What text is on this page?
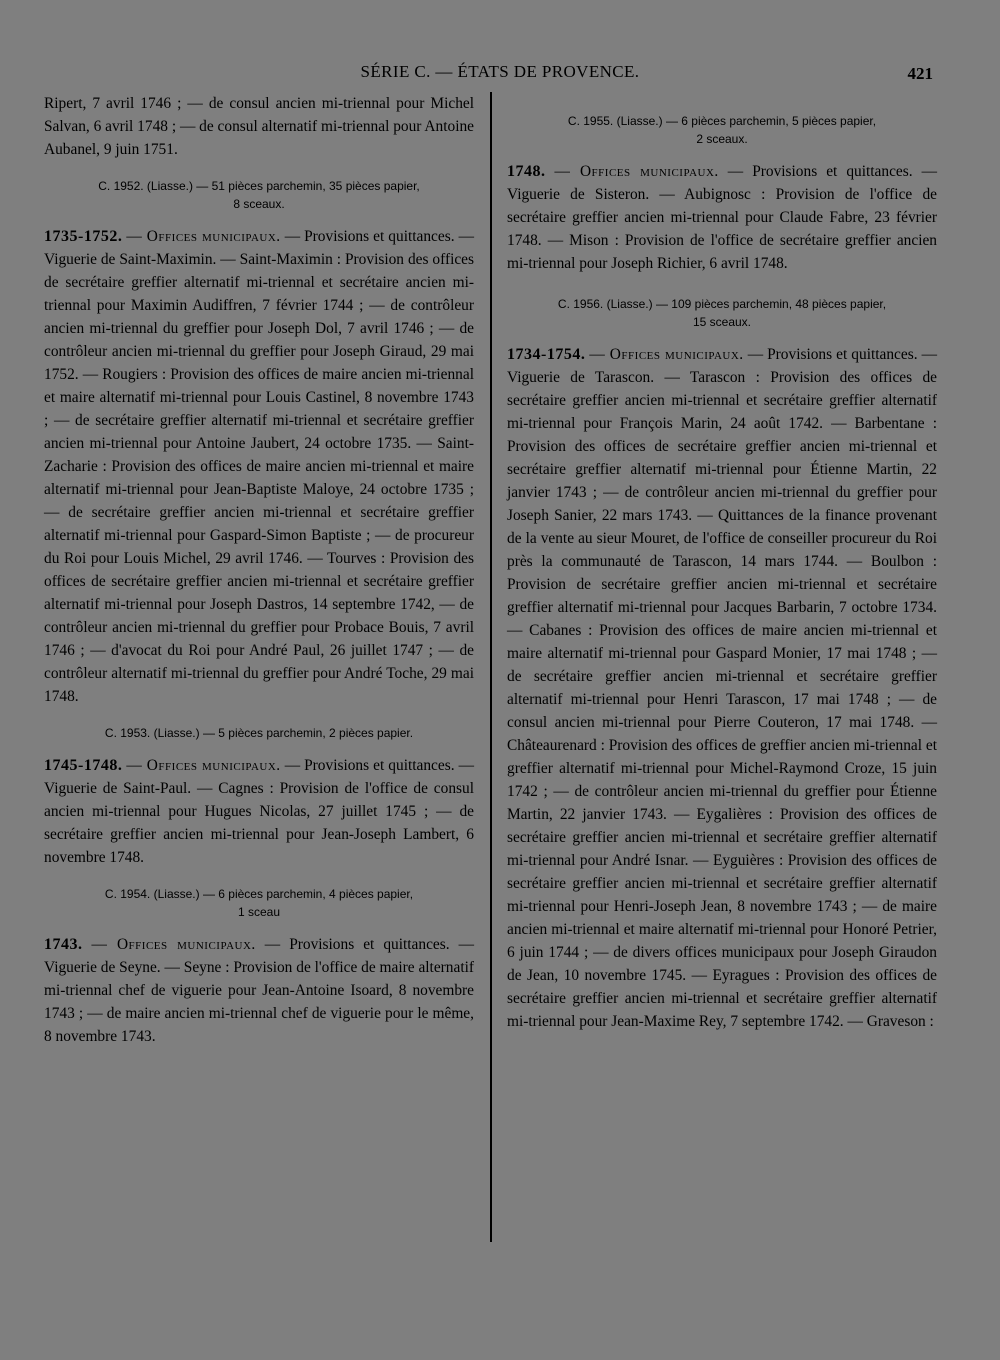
SÉRIE C. — ÉTATS DE PROVENCE.	421

Ripert, 7 avril 1746 ; — de consul ancien mi-triennal pour Michel Salvan, 6 avril 1748 ; — de consul alternatif mi-triennal pour Antoine Aubanel, 9 juin 1751.

C. 1952. (Liasse.) — 51 pièces parchemin, 35 pièces papier,
8 sceaux.

1735-1752. — Offices municipaux. — Provisions et quittances. — Viguerie de Saint-Maximin. — Saint-Maximin : Provision des offices de secrétaire greffier alternatif mi-triennal et secrétaire ancien mi-triennal pour Maximin Audiffren, 7 février 1744 ; — de contrôleur ancien mi-triennal du greffier pour Joseph Dol, 7 avril 1746 ; — de contrôleur ancien mi-triennal du greffier pour Joseph Giraud, 29 mai 1752. — Rougiers : Provision des offices de maire ancien mi-triennal et maire alternatif mi-triennal pour Louis Castinel, 8 novembre 1743 ; — de secrétaire greffier alternatif mi-triennal et secrétaire greffier ancien mi-triennal pour Antoine Jaubert, 24 octobre 1735. — Saint-Zacharie : Provision des offices de maire ancien mi-triennal et maire alternatif mi-triennal pour Jean-Baptiste Maloye, 24 octobre 1735 ; — de secrétaire greffier ancien mi-triennal et secrétaire greffier alternatif mi-triennal pour Gaspard-Simon Baptiste ; — de procureur du Roi pour Louis Michel, 29 avril 1746. — Tourves : Provision des offices de secrétaire greffier ancien mi-triennal et secrétaire greffier alternatif mi-triennal pour Joseph Dastros, 14 septembre 1742, — de contrôleur ancien mi-triennal du greffier pour Probace Bouis, 7 avril 1746 ; — d'avocat du Roi pour André Paul, 26 juillet 1747 ; — de contrôleur alternatif mi-triennal du greffier pour André Toche, 29 mai 1748.

C. 1953. (Liasse.) — 5 pièces parchemin, 2 pièces papier.

1745-1748. — Offices municipaux. — Provisions et quittances. — Viguerie de Saint-Paul. — Cagnes : Provision de l'office de consul ancien mi-triennal pour Hugues Nicolas, 27 juillet 1745 ; — de secrétaire greffier ancien mi-triennal pour Jean-Joseph Lambert, 6 novembre 1748.

C. 1954. (Liasse.) — 6 pièces parchemin, 4 pièces papier,
1 sceau

1743. — Offices municipaux. — Provisions et quittances. — Viguerie de Seyne. — Seyne : Provision de l'office de maire alternatif mi-triennal chef de viguerie pour Jean-Antoine Isoard, 8 novembre 1743 ; — de maire ancien mi-triennal chef de viguerie pour le même, 8 novembre 1743.

C. 1955. (Liasse.) — 6 pièces parchemin, 5 pièces papier,
2 sceaux.

1748. — Offices municipaux. — Provisions et quittances. — Viguerie de Sisteron. — Aubignosc : Provision de l'office de secrétaire greffier ancien mi-triennal pour Claude Fabre, 23 février 1748. — Mison : Provision de l'office de secrétaire greffier ancien mi-triennal pour Joseph Richier, 6 avril 1748.

C. 1956. (Liasse.) — 109 pièces parchemin, 48 pièces papier,
15 sceaux.

1734-1754. — Offices municipaux. — Provisions et quittances. — Viguerie de Tarascon. — Tarascon : Provision des offices de secrétaire greffier ancien mi-triennal et secrétaire greffier alternatif mi-triennal pour François Marin, 24 août 1742. — Barbentane : Provision des offices de secrétaire greffier ancien mi-triennal et secrétaire greffier alternatif mi-triennal pour Étienne Martin, 22 janvier 1743 ; — de contrôleur ancien mi-triennal du greffier pour Joseph Sanier, 22 mars 1743. — Quittances de la finance provenant de la vente au sieur Mouret, de l'office de conseiller procureur du Roi près la communauté de Tarascon, 14 mars 1744. — Boulbon : Provision de secrétaire greffier ancien mi-triennal et secrétaire greffier alternatif mi-triennal pour Jacques Barbarin, 7 octobre 1734. — Cabanes : Provision des offices de maire ancien mi-triennal et maire alternatif mi-triennal pour Gaspard Monier, 17 mai 1748 ; — de secrétaire greffier ancien mi-triennal et secrétaire greffier alternatif mi-triennal pour Henri Tarascon, 17 mai 1748 ; — de consul ancien mi-triennal pour Pierre Couteron, 17 mai 1748. — Châteaurenard : Provision des offices de greffier ancien mi-triennal et greffier alternatif mi-triennal pour Michel-Raymond Croze, 15 juin 1742 ; — de contrôleur ancien mi-triennal du greffier pour Étienne Martin, 22 janvier 1743. — Eygalières : Provision des offices de secrétaire greffier ancien mi-triennal et secrétaire greffier alternatif mi-triennal pour André Isnar. — Eyguières : Provision des offices de secrétaire greffier ancien mi-triennal et secrétaire greffier alternatif mi-triennal pour Henri-Joseph Jean, 8 novembre 1743 ; — de maire ancien mi-triennal et maire alternatif mi-triennal pour Honoré Petrier, 6 juin 1744 ; — de divers offices municipaux pour Joseph Giraudon de Jean, 10 novembre 1745. — Eyragues : Provision des offices de secrétaire greffier ancien mi-triennal et secrétaire greffier alternatif mi-triennal pour Jean-Maxime Rey, 7 septembre 1742. — Graveson :
